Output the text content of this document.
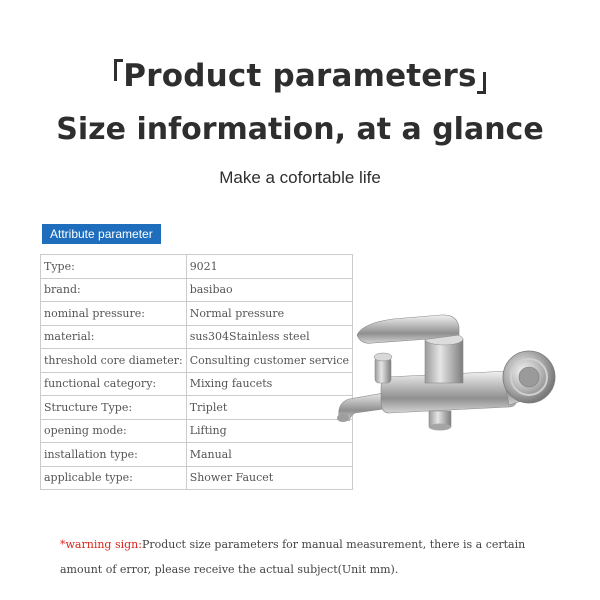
Product parameters
Size information, at a glance
Make a cofortable life
Attribute parameter
Type:	9021
brand:	basibao
nominal pressure:	Normal pressure
material:	sus304Stainless steel
threshold core diameter:	Consulting customer service
functional category:	Mixing faucets
Structure Type:	Triplet
opening mode:	Lifting
installation type:	Manual
applicable type:	Shower Faucet
*warning sign:Product size parameters for manual measurement, there is a certain amount of error, please receive the actual subject(Unit mm).
